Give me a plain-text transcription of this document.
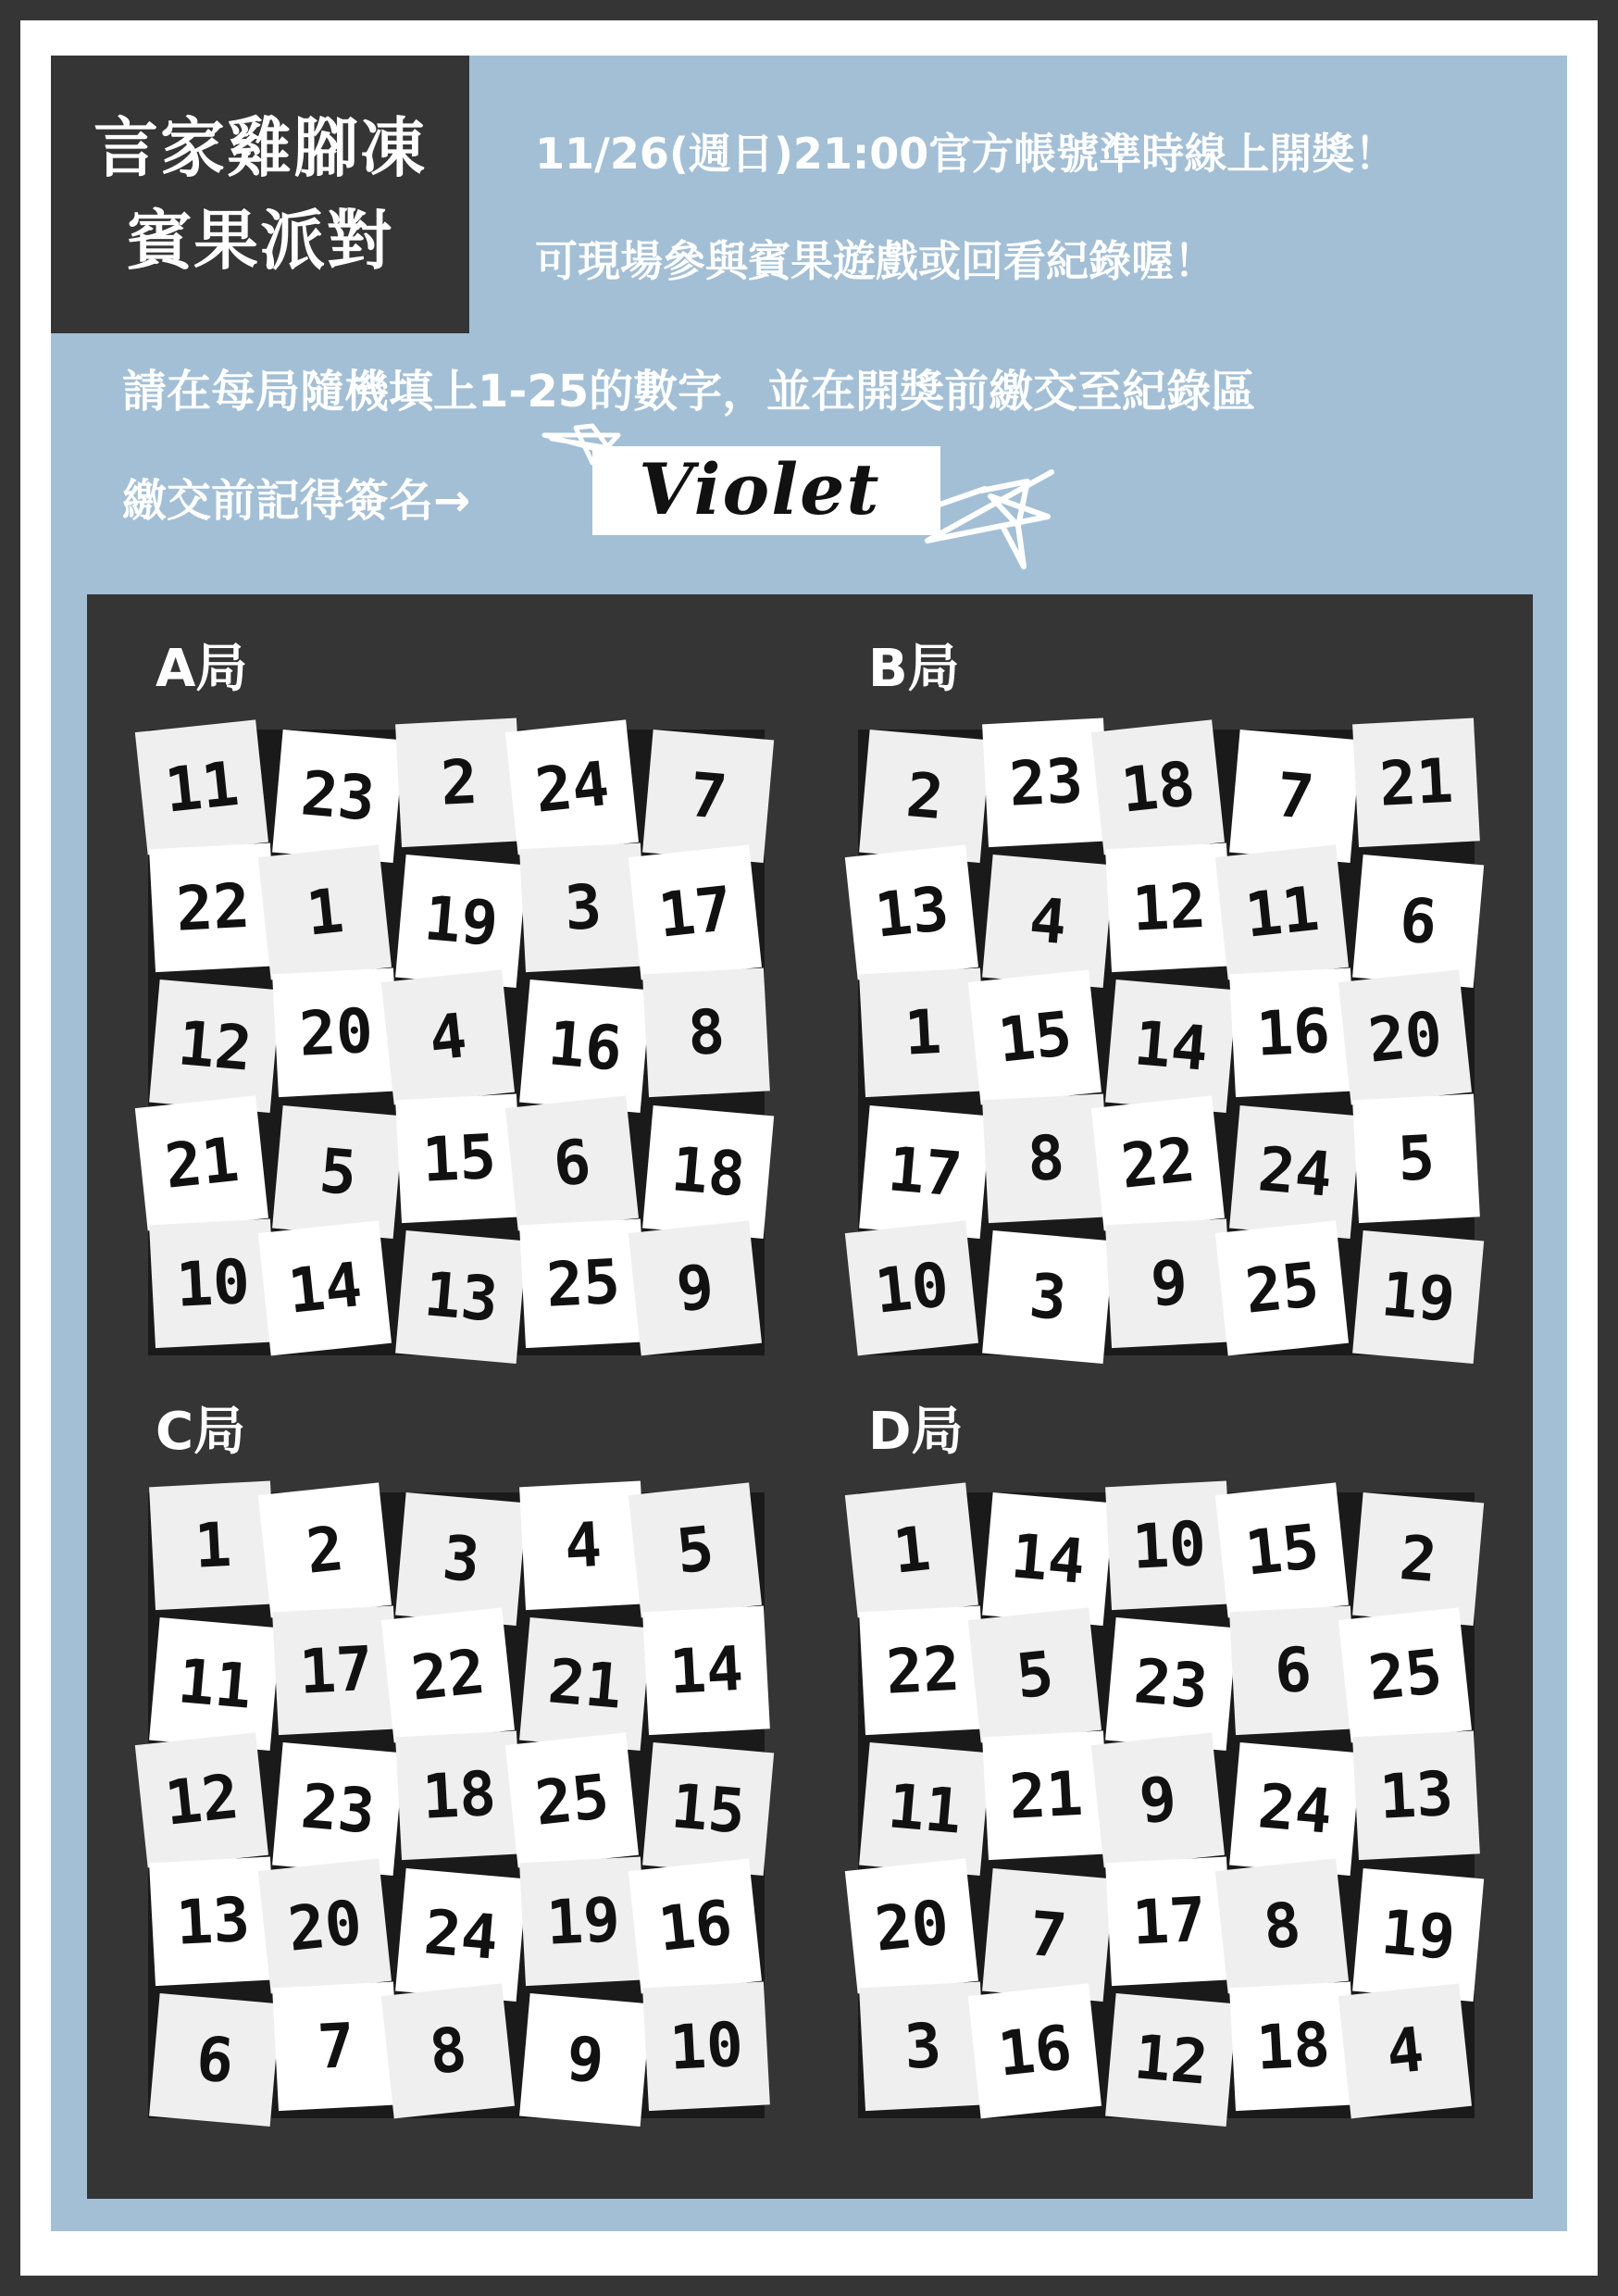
言家雞腳凍
賓果派對
11/26(週日)21:00官方帳號準時線上開獎！
可現場參與賓果遊戲或回看紀錄喔！
請在每局隨機填上1-25的數字，並在開獎前繳交至紀錄區
繳交前記得簽名→ Violet
A局	B局
C局	D局
11 23	2 24	7
22 1	19	3 17
12 20 4	16	8
21	5	15 6	18
10 14 13 25 9
2	23 18	7	21
13	4	12 11	6
1 15 14 16 20
17	8 22 24	5
10	3	9 25 19
1	2	3	4	5
11 17 22 21 14
12 23 18 25 15
13 20 24 19 16
6	7	8	9	10
1	14 10 15	2
22 5	23	6 25
11 21 9	24 13
20	7	17 8	19
3 16 12 18 4
